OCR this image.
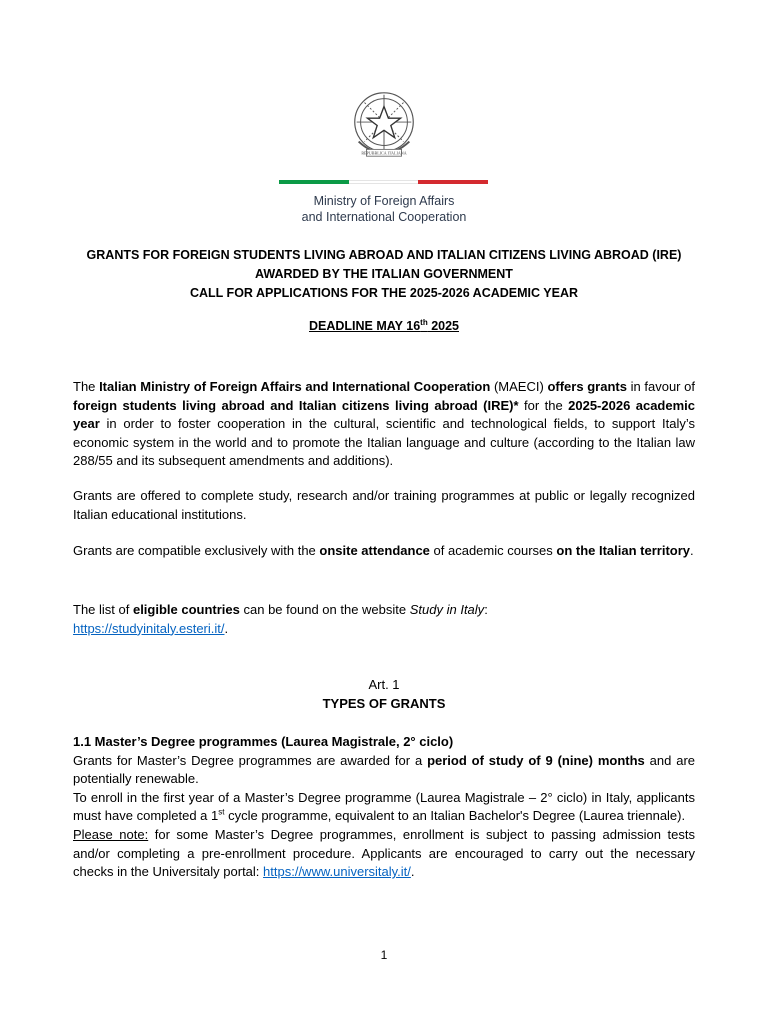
REPUBBLICA ITALIANA
Ministry of Foreign Affairs
and International Cooperation
GRANTS FOR FOREIGN STUDENTS LIVING ABROAD AND ITALIAN CITIZENS LIVING ABROAD (IRE)
AWARDED BY THE ITALIAN GOVERNMENT
CALL FOR APPLICATIONS FOR THE 2025-2026 ACADEMIC YEAR
DEADLINE MAY 16th 2025

The Italian Ministry of Foreign Affairs and International Cooperation (MAECI) offers grants in favour of foreign students living abroad and Italian citizens living abroad (IRE)* for the 2025-2026 academic year in order to foster cooperation in the cultural, scientific and technological fields, to support Italy’s economic system in the world and to promote the Italian language and culture (according to the Italian law 288/55 and its subsequent amendments and additions).

Grants are offered to complete study, research and/or training programmes at public or legally recognized Italian educational institutions.

Grants are compatible exclusively with the onsite attendance of academic courses on the Italian territory.

The list of eligible countries can be found on the website Study in Italy:
https://studyinitaly.esteri.it/.

Art. 1
TYPES OF GRANTS

1.1 Master’s Degree programmes (Laurea Magistrale, 2° ciclo)

Grants for Master’s Degree programmes are awarded for a period of study of 9 (nine) months and are potentially renewable.

To enroll in the first year of a Master’s Degree programme (Laurea Magistrale – 2° ciclo) in Italy, applicants must have completed a 1st cycle programme, equivalent to an Italian Bachelor's Degree (Laurea triennale).

Please note: for some Master’s Degree programmes, enrollment is subject to passing admission tests and/or completing a pre-enrollment procedure. Applicants are encouraged to carry out the necessary checks in the Universitaly portal: https://www.universitaly.it/.

1
